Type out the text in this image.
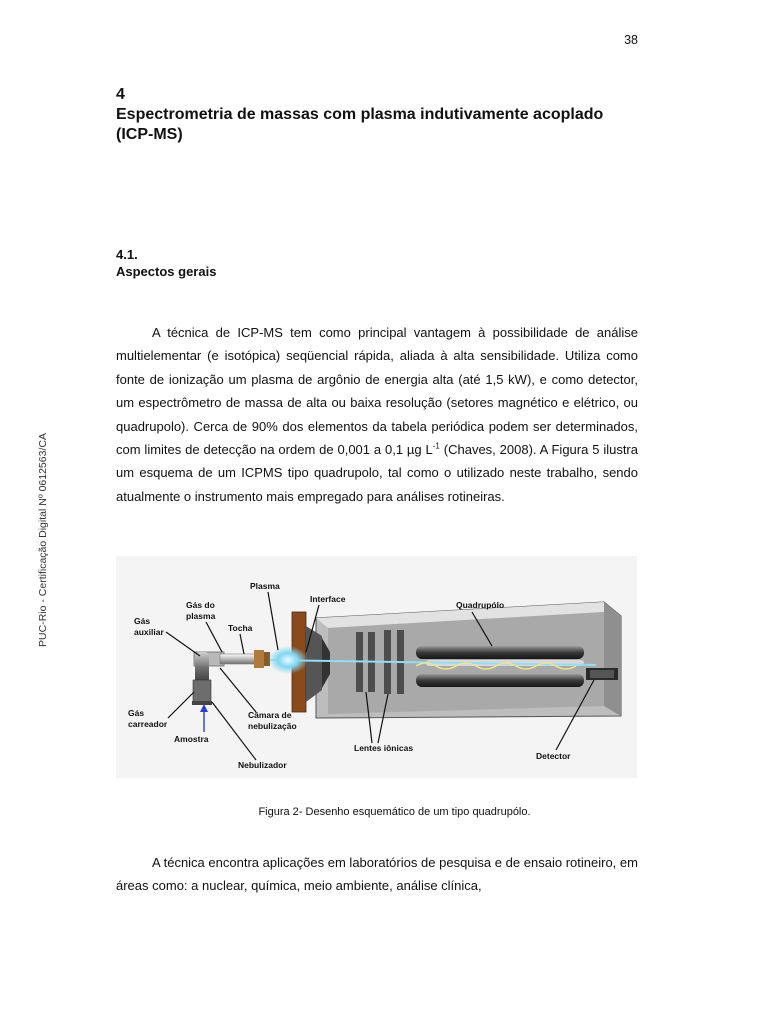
38
PUC-Rio - Certificação Digital Nº 0612563/CA
4
Espectrometria de massas com plasma indutivamente acoplado (ICP-MS)
4.1.
Aspectos gerais

A técnica de ICP-MS tem como principal vantagem à possibilidade de análise multielementar (e isotópica) seqüencial rápida, aliada à alta sensibilidade. Utiliza como fonte de ionização um plasma de argônio de energia alta (até 1,5 kW), e como detector, um espectrômetro de massa de alta ou baixa resolução (setores magnético e elétrico, ou quadrupolo). Cerca de 90% dos elementos da tabela periódica podem ser determinados, com limites de detecção na ordem de 0,001 a 0,1 µg $L^{-1}$ (Chaves, 2008). A Figura 5 ilustra um esquema de um ICPMS tipo quadrupolo, tal como o utilizado neste trabalho, sendo atualmente o instrumento mais empregado para análises rotineiras.

Plasma
Interface
Quadrupólo
Gás do
plasma
Gás
auxiliar	Tocha
Gás
carreador
Câmara de
nebulização
Amostra
Nebulizador
Lentes iônicas
Detector

Figura 2- Desenho esquemático de um tipo quadrupólo.

A técnica encontra aplicações em laboratórios de pesquisa e de ensaio rotineiro, em áreas como: a nuclear, química, meio ambiente, análise clínica,
